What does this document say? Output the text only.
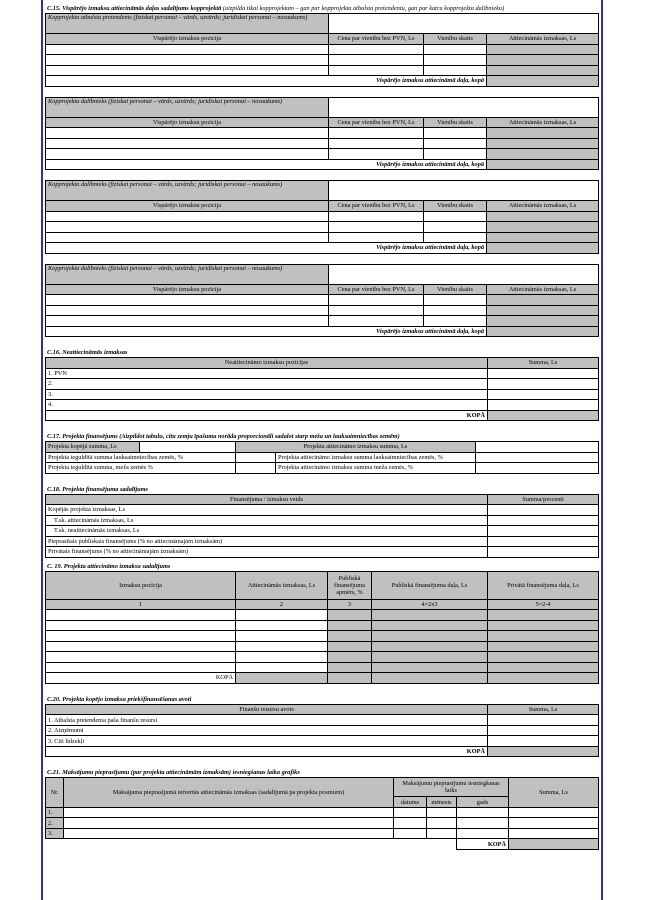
C.15. Vispārējo izmaksu attiecināmās daļas sadalījums kopprojektā (aizpilda tikai kopprojektam – gan par kopprojekta atbalsta pretendentu, gan par katru kopprojekta dalībnieku)
Kopprojekta atbalsta pretendents (fiziskai personai – vārds, uzvārds; juridiskai personai – nosaukums)			
Vispārējo izmaksu pozīcija	Cena par vienību bez PVN, Ls	Vienību skaits	Attiecināmās izmaksas, Ls

Vispārējo izmaksu attiecināmā daļa, kopā			
Kopprojekta dalībnieks (fiziskai personai – vārds, uzvārds; juridiskai personai – nosaukums)			
Vispārējo izmaksu pozīcija	Cena par vienību bez PVN, Ls	Vienību skaits	Attiecināmās izmaksas, Ls

Vispārējo izmaksu attiecināmā daļa, kopā			
Kopprojekta dalībnieks (fiziskai personai – vārds, uzvārds; juridiskai personai – nosaukums)			
Vispārējo izmaksu pozīcija	Cena par vienību bez PVN, Ls	Vienību skaits	Attiecināmās izmaksas, Ls

Vispārējo izmaksu attiecināmā daļa, kopā			
Kopprojekta dalībnieks (fiziskai personai – vārds, uzvārds; juridiskai personai – nosaukums)			
Vispārējo izmaksu pozīcija	Cena par vienību bez PVN, Ls	Vienību skaits	Attiecināmās izmaksas, Ls

Vispārējo izmaksu attiecināmā daļa, kopā			
C.16. Neattiecināmās izmaksas
Neattiecināmo izmaksu pozīcijas	Summa, Ls
1. PVN	
2.	
3.	
4.	
KOPĀ	
C.17. Projekta finansējums (Aizpildot tabulu, citu zemju īpašuma norāda proporcionāli sadalot starp meža un lauksaimniecības zemēm)
Projekta kopējā summa, Ls		Projekta attiecināmo izmaksu summa, Ls		
Projekta ieguldītā summa lauksaimniecības zemēs, %			Projekta attiecināmo izmaksu summa lauksaimniecības zemēs, %	
Projekta ieguldītā summa, meža zemēs %			Projekta attiecināmo izmaksu summa meža zemēs, %	
C.18. Projekta finansējuma sadalījums
Finansējuma / izmaksu veids	Summa/procenti
Kopējās projekta izmaksas, Ls	
T.sk. attiecināmās izmaksas, Ls	
T.sk. neattiecināmās izmaksas, Ls	
Pieprasītais publiskais finansējums (% no attiecināmajām izmaksām)	
Privātais finansējums (% no attiecināmajām izmaksām)	
C. 19. Projekta attiecināmo izmaksu sadalījums
Izmaksu pozīcija	Attiecināmās izmaksas, Ls	Publiskā finansējuma apmērs, %	Publiskā finansējuma daļa, Ls	Privātā finansējuma daļa, Ls
1	2	3	4=2x3	5=2-4

KOPĀ				
C.20. Projekta kopējo izmaksu priekšfinansēšanas avoti
Finanšu resursu avots	Summa, Ls
1. Atbalsta pretendenta paša finanšu resursi	
2. Aizņēmumi	
3. Citi līdzekļi	
KOPĀ	
C.21. Maksājumu pieprasījumu (par projekta attiecināmām izmaksām) iesniegšanas laika grafiks
Nr.	Maksājuma pieprasījumā ietvertās attiecināmās izmaksas (sadalījumā pa projekta posmiem)	Maksājumu pieprasījumu iesniegšanas laiks			Summa, Ls
		datums	mēnesis	gads	
1.					
2.					
3.					
				KOPĀ	
